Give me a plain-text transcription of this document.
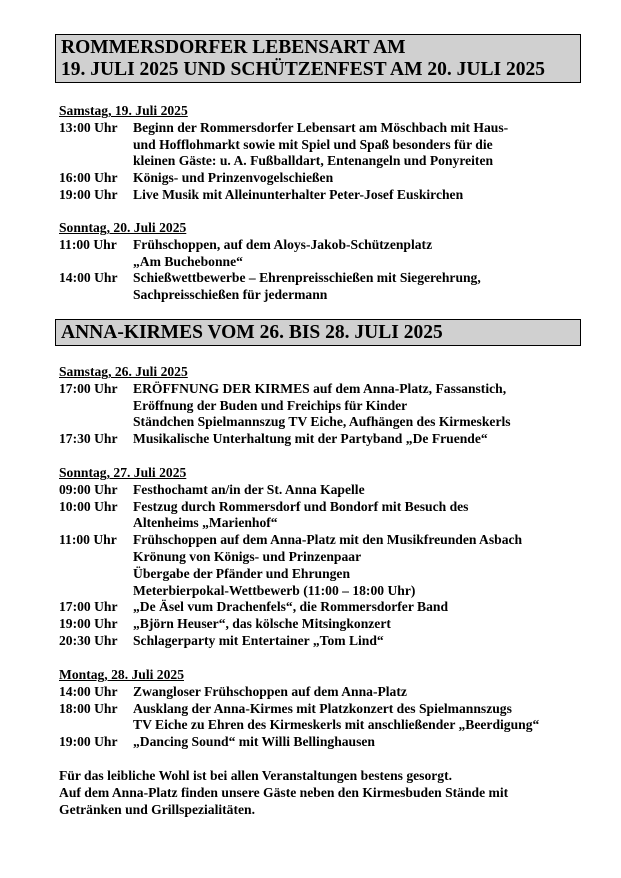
ROMMERSDORFER LEBENSART AM
19. JULI 2025 UND SCHÜTZENFEST AM 20. JULI 2025
Samstag, 19. Juli 2025
13:00 Uhr	Beginn der Rommersdorfer Lebensart am Möschbach mit Haus-
und Hofflohmarkt sowie mit Spiel und Spaß besonders für die
kleinen Gäste: u. A. Fußballdart, Entenangeln und Ponyreiten
16:00 Uhr	Königs- und Prinzenvogelschießen
19:00 Uhr	Live Musik mit Alleinunterhalter Peter-Josef Euskirchen
Sonntag, 20. Juli 2025
11:00 Uhr	Frühschoppen, auf dem Aloys-Jakob-Schützenplatz
„Am Buchebonne“
14:00 Uhr	Schießwettbewerbe – Ehrenpreisschießen mit Siegerehrung,
Sachpreisschießen für jedermann
ANNA-KIRMES VOM 26. BIS 28. JULI 2025
Samstag, 26. Juli 2025
17:00 Uhr	ERÖFFNUNG DER KIRMES auf dem Anna-Platz, Fassanstich,
Eröffnung der Buden und Freichips für Kinder
Ständchen Spielmannszug TV Eiche, Aufhängen des Kirmeskerls
17:30 Uhr	Musikalische Unterhaltung mit der Partyband „De Fruende“
Sonntag, 27. Juli 2025
09:00 Uhr	Festhochamt an/in der St. Anna Kapelle
10:00 Uhr	Festzug durch Rommersdorf und Bondorf mit Besuch des
Altenheims „Marienhof“
11:00 Uhr	Frühschoppen auf dem Anna-Platz mit den Musikfreunden Asbach
Krönung von Königs- und Prinzenpaar
Übergabe der Pfänder und Ehrungen
Meterbierpokal-Wettbewerb (11:00 – 18:00 Uhr)
17:00 Uhr	„De Äsel vum Drachenfels“, die Rommersdorfer Band
19:00 Uhr	„Björn Heuser“, das kölsche Mitsingkonzert
20:30 Uhr	Schlagerparty mit Entertainer „Tom Lind“
Montag, 28. Juli 2025
14:00 Uhr	Zwangloser Frühschoppen auf dem Anna-Platz
18:00 Uhr	Ausklang der Anna-Kirmes mit Platzkonzert des Spielmannszugs
TV Eiche zu Ehren des Kirmeskerls mit anschließender „Beerdigung“
19:00 Uhr	„Dancing Sound“ mit Willi Bellinghausen
Für das leibliche Wohl ist bei allen Veranstaltungen bestens gesorgt.
Auf dem Anna-Platz finden unsere Gäste neben den Kirmesbuden Stände mit
Getränken und Grillspezialitäten.
